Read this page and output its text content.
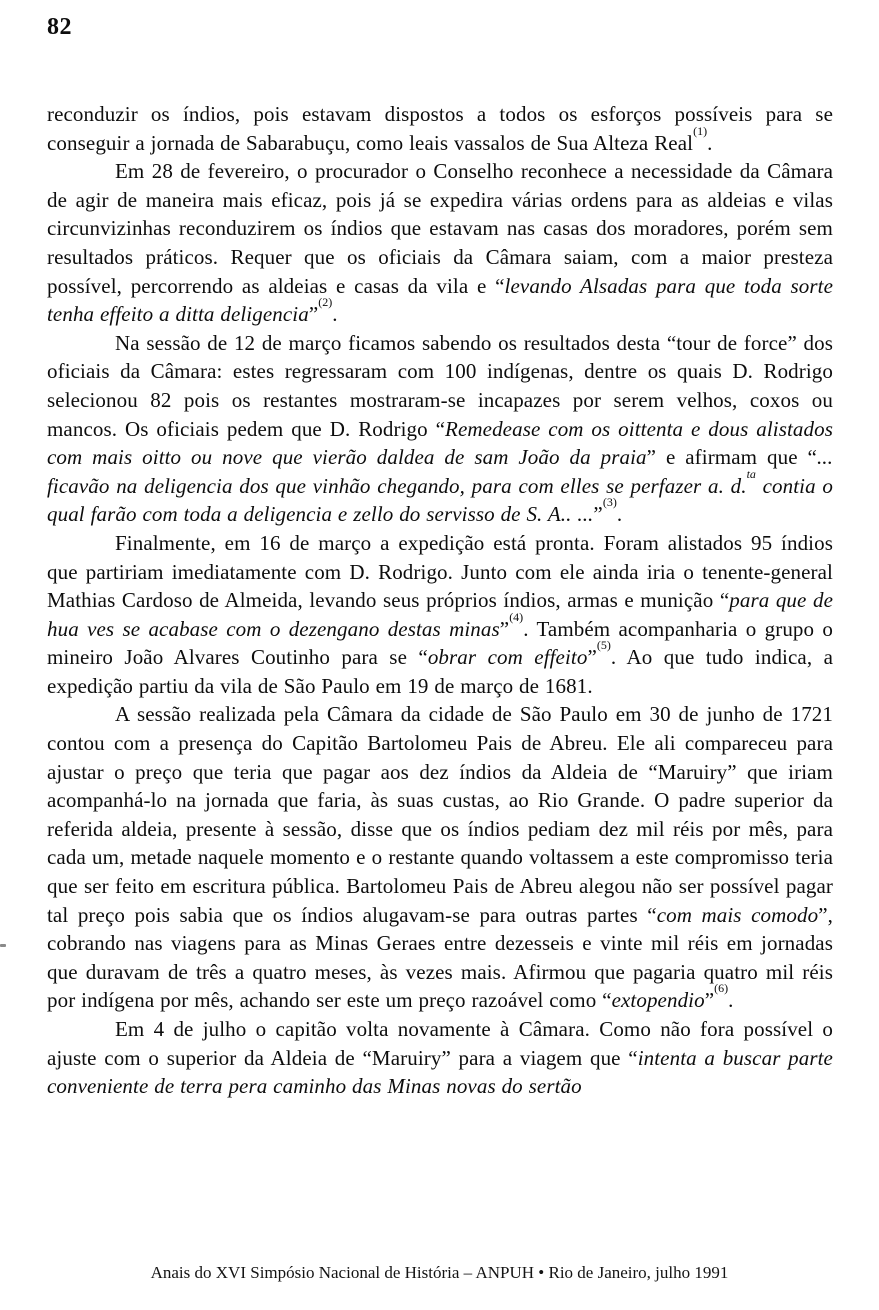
82

reconduzir os índios, pois estavam dispostos a todos os esforços possíveis para se conseguir a jornada de Sabarabuçu, como leais vassalos de Sua Alteza Real$^{(1)}$.

Em 28 de fevereiro, o procurador o Conselho reconhece a necessidade da Câmara de agir de maneira mais eficaz, pois já se expedira várias ordens para as aldeias e vilas circunvizinhas reconduzirem os índios que estavam nas casas dos moradores, porém sem resultados práticos. Requer que os oficiais da Câmara saiam, com a maior presteza possível, percorrendo as aldeias e casas da vila e “levando Alsadas para que toda sorte tenha effeito a ditta deligencia”$^{(2)}$.

Na sessão de 12 de março ficamos sabendo os resultados desta “tour de force” dos oficiais da Câmara: estes regressaram com 100 indígenas, dentre os quais D. Rodrigo selecionou 82 pois os restantes mostraram-se incapazes por serem velhos, coxos ou mancos. Os oficiais pedem que D. Rodrigo “Remedease com os oittenta e dous alistados com mais oitto ou nove que vierão daldea de sam João da praia” e afirmam que “... ficavão na deligencia dos que vinhão chegando, para com elles se perfazer a. d.$^{ta}$ contia o qual farão com toda a deligencia e zello do servisso de S. A.. ...”$^{(3)}$.

Finalmente, em 16 de março a expedição está pronta. Foram alistados 95 índios que partiriam imediatamente com D. Rodrigo. Junto com ele ainda iria o tenente-general Mathias Cardoso de Almeida, levando seus próprios índios, armas e munição “para que de hua ves se acabase com o dezengano destas minas”$^{(4)}$. Também acompanharia o grupo o mineiro João Alvares Coutinho para se “obrar com effeito”$^{(5)}$. Ao que tudo indica, a expedição partiu da vila de São Paulo em 19 de março de 1681.

A sessão realizada pela Câmara da cidade de São Paulo em 30 de junho de 1721 contou com a presença do Capitão Bartolomeu Pais de Abreu. Ele ali compareceu para ajustar o preço que teria que pagar aos dez índios da Aldeia de “Maruiry” que iriam acompanhá-lo na jornada que faria, às suas custas, ao Rio Grande. O padre superior da referida aldeia, presente à sessão, disse que os índios pediam dez mil réis por mês, para cada um, metade naquele momento e o restante quando voltassem a este compromisso teria que ser feito em escritura pública. Bartolomeu Pais de Abreu alegou não ser possível pagar tal preço pois sabia que os índios alugavam-se para outras partes “com mais comodo”, cobrando nas viagens para as Minas Geraes entre dezesseis e vinte mil réis em jornadas que duravam de três a quatro meses, às vezes mais. Afirmou que pagaria quatro mil réis por indígena por mês, achando ser este um preço razoável como “extopendio”$^{(6)}$.

Em 4 de julho o capitão volta novamente à Câmara. Como não fora possível o ajuste com o superior da Aldeia de “Maruiry” para a viagem que “intenta a buscar parte conveniente de terra pera caminho das Minas novas do sertão

Anais do XVI Simpósio Nacional de História – ANPUH • Rio de Janeiro, julho 1991
